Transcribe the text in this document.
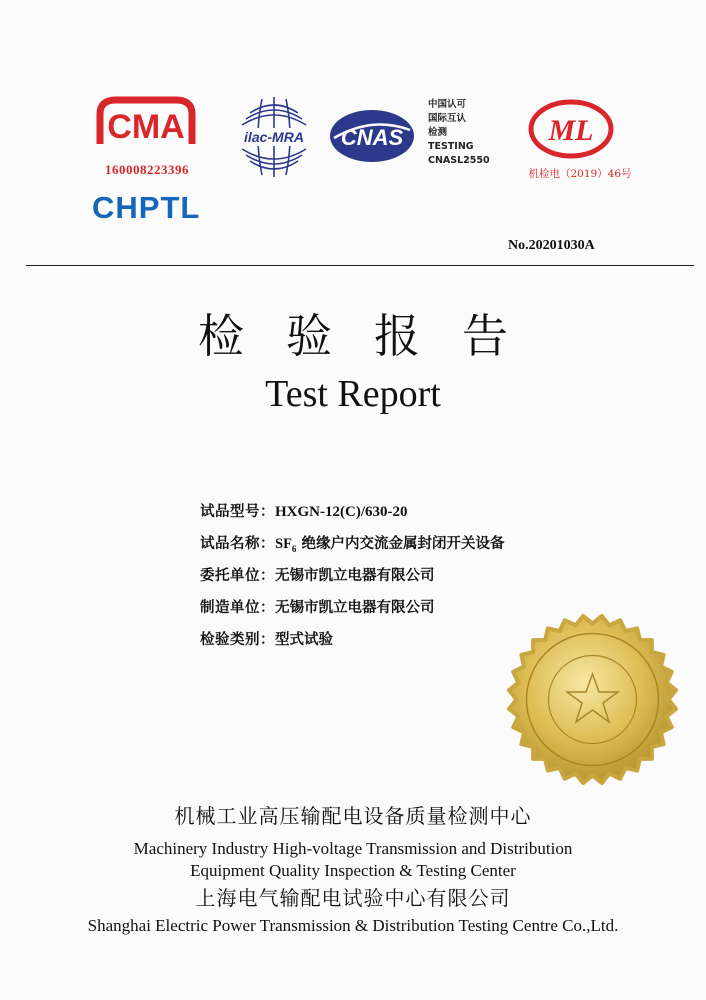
CMA
160008223396
CHPTL
ilac-MRA CNAS
中国认可
国际互认
检测
TESTING
CNASL2550
ML
机检电（2019）46号
No.20201030A
检验报告
Test Report
试品型号： HXGN-12(C)/630-20
试品名称： $SF_6$ 绝缘户内交流金属封闭开关设备
委托单位： 无锡市凯立电器有限公司
制造单位： 无锡市凯立电器有限公司
检验类别： 型式试验
机械工业高压输配电设备质量检测中心
Machinery Industry High-voltage Transmission and Distribution
Equipment Quality Inspection & Testing Center
上海电气输配电试验中心有限公司
Shanghai Electric Power Transmission & Distribution Testing Centre Co.,Ltd.
